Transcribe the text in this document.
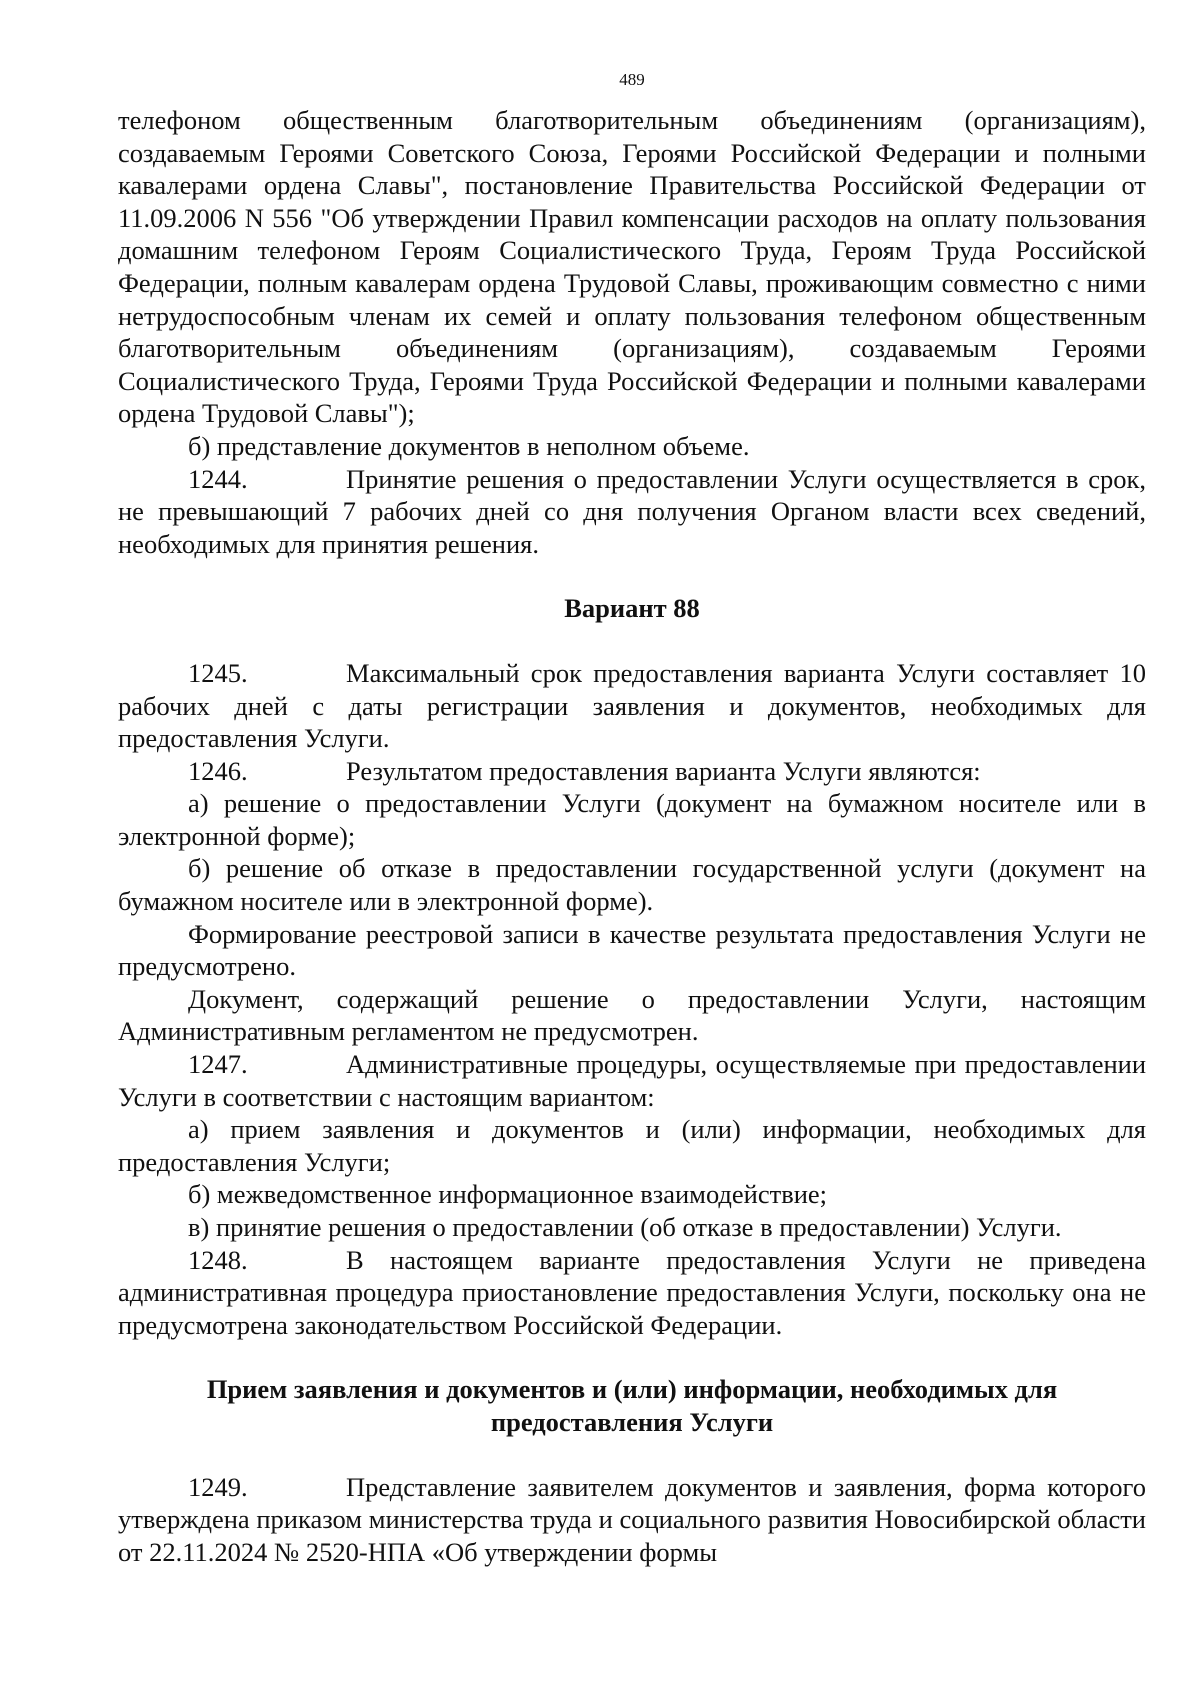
489

телефоном общественным благотворительным объединениям (организациям), создаваемым Героями Советского Союза, Героями Российской Федерации и полными кавалерами ордена Славы", постановление Правительства Российской Федерации от 11.09.2006 N 556 "Об утверждении Правил компенсации расходов на оплату пользования домашним телефоном Героям Социалистического Труда, Героям Труда Российской Федерации, полным кавалерам ордена Трудовой Славы, проживающим совместно с ними нетрудоспособным членам их семей и оплату пользования телефоном общественным благотворительным объединениям (организациям), создаваемым Героями Социалистического Труда, Героями Труда Российской Федерации и полными кавалерами ордена Трудовой Славы");

б) представление документов в неполном объеме.

1244.	Принятие решения о предоставлении Услуги осуществляется в срок, не превышающий 7 рабочих дней со дня получения Органом власти всех сведений, необходимых для принятия решения.

Вариант 88

1245.	Максимальный срок предоставления варианта Услуги составляет 10 рабочих дней с даты регистрации заявления и документов, необходимых для предоставления Услуги.

1246.	Результатом предоставления варианта Услуги являются:

а) решение о предоставлении Услуги (документ на бумажном носителе или в электронной форме);

б) решение об отказе в предоставлении государственной услуги (документ на бумажном носителе или в электронной форме).

Формирование реестровой записи в качестве результата предоставления Услуги не предусмотрено.

Документ, содержащий решение о предоставлении Услуги, настоящим Административным регламентом не предусмотрен.

1247.	Административные процедуры, осуществляемые при предоставлении Услуги в соответствии с настоящим вариантом:

а) прием заявления и документов и (или) информации, необходимых для предоставления Услуги;

б) межведомственное информационное взаимодействие;

в) принятие решения о предоставлении (об отказе в предоставлении) Услуги.

1248.	В настоящем варианте предоставления Услуги не приведена административная процедура приостановление предоставления Услуги, поскольку она не предусмотрена законодательством Российской Федерации.

Прием заявления и документов и (или) информации, необходимых для предоставления Услуги

1249.	Представление заявителем документов и заявления, форма которого утверждена приказом министерства труда и социального развития Новосибирской области от 22.11.2024 № 2520-НПА «Об утверждении формы
